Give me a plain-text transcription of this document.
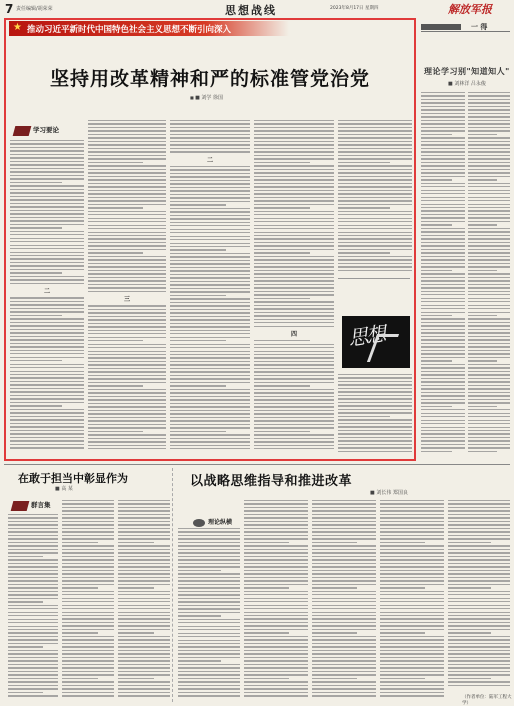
7 责任编辑/胡荣荣	思想战线	2023年8月17日 星期四	解放军报
★ 推动习近平新时代中国特色社会主义思想不断引向深入
坚持用改革精神和严的标准管党治党
■ ■ 刘学 徐国
学习要论
二
三
二
四	思想
一 得
理论学习别"知道知人"
■ 刘林洋 吕永俊
在敢于担当中彰显作为
■ 高 某
群言集
以战略思维指导和推进改革
■ 刘长伟 郑国良
理论纵横
（作者单位：陆军工程大学）
